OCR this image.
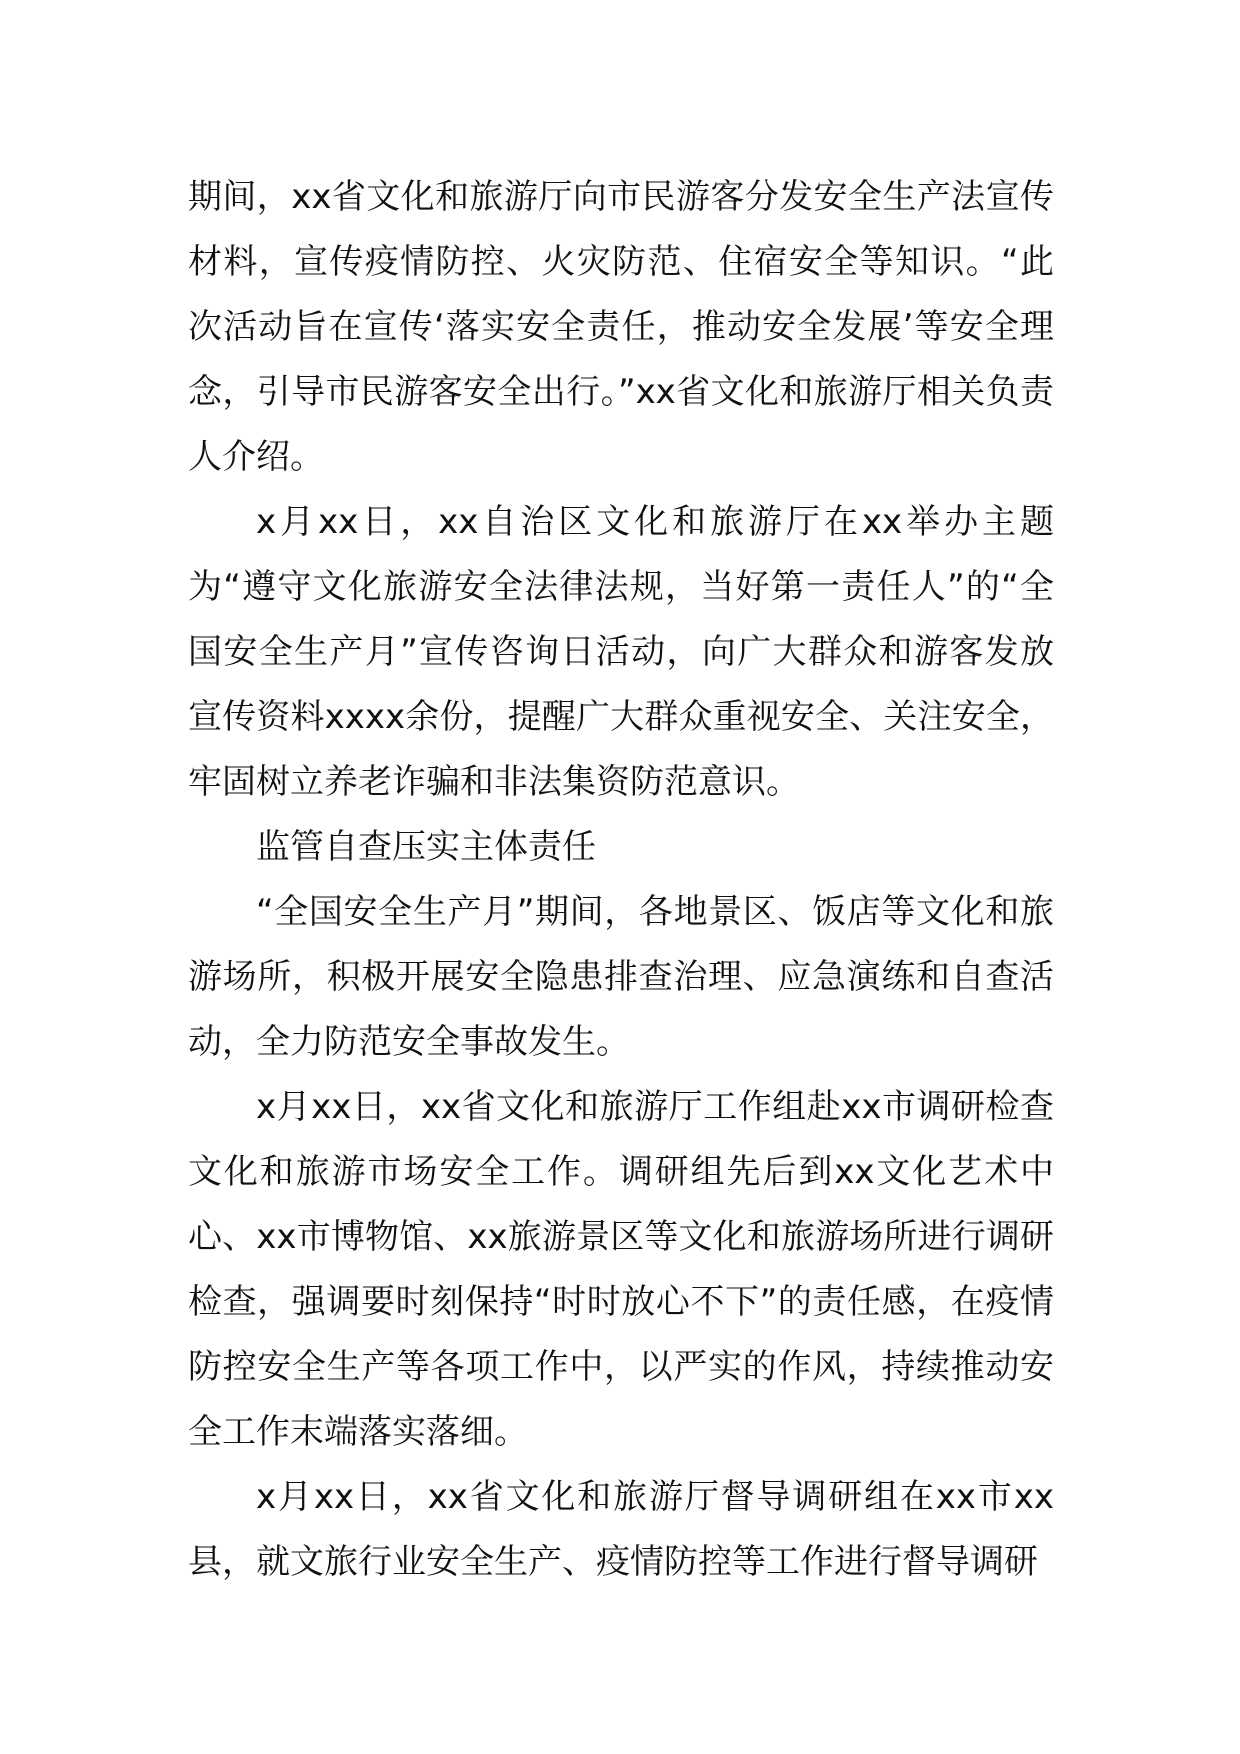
期间，xx省文化和旅游厅向市民游客分发安全生产法宣传材料，宣传疫情防控、火灾防范、住宿安全等知识。“此次活动旨在宣传‘落实安全责任，推动安全发展’等安全理念，引导市民游客安全出行。”xx省文化和旅游厅相关负责人介绍。

x月xx日，xx自治区文化和旅游厅在xx举办主题为“遵守文化旅游安全法律法规，当好第一责任人”的“全国安全生产月”宣传咨询日活动，向广大群众和游客发放宣传资料xxxx余份，提醒广大群众重视安全、关注安全，牢固树立养老诈骗和非法集资防范意识。

监管自查压实主体责任

“全国安全生产月”期间，各地景区、饭店等文化和旅游场所，积极开展安全隐患排查治理、应急演练和自查活动，全力防范安全事故发生。

x月xx日，xx省文化和旅游厅工作组赴xx市调研检查文化和旅游市场安全工作。调研组先后到xx文化艺术中心、xx市博物馆、xx旅游景区等文化和旅游场所进行调研检查，强调要时刻保持“时时放心不下”的责任感，在疫情防控安全生产等各项工作中，以严实的作风，持续推动安全工作末端落实落细。

x月xx日，xx省文化和旅游厅督导调研组在xx市xx县，就文旅行业安全生产、疫情防控等工作进行督导调研
